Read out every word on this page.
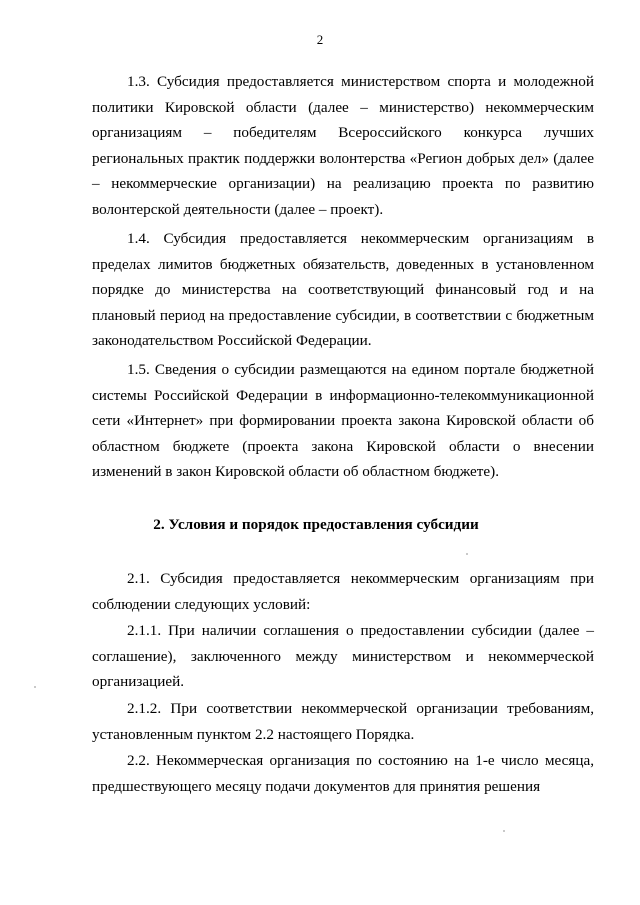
2

1.3. Субсидия предоставляется министерством спорта и молодежной политики Кировской области (далее – министерство) некоммерческим организациям – победителям Всероссийского конкурса лучших региональных практик поддержки волонтерства «Регион добрых дел» (далее – некоммерческие организации) на реализацию проекта по развитию волонтерской деятельности (далее – проект).

1.4. Субсидия предоставляется некоммерческим организациям в пределах лимитов бюджетных обязательств, доведенных в установленном порядке до министерства на соответствующий финансовый год и на плановый период на предоставление субсидии, в соответствии с бюджетным законодательством Российской Федерации.

1.5. Сведения о субсидии размещаются на едином портале бюджетной системы Российской Федерации в информационно-телекоммуникационной сети «Интернет» при формировании проекта закона Кировской области об областном бюджете (проекта закона Кировской области о внесении изменений в закон Кировской области об областном бюджете).

2. Условия и порядок предоставления субсидии

2.1. Субсидия предоставляется некоммерческим организациям при соблюдении следующих условий:

2.1.1. При наличии соглашения о предоставлении субсидии (далее – соглашение), заключенного между министерством и некоммерческой организацией.

2.1.2. При соответствии некоммерческой организации требованиям, установленным пунктом 2.2 настоящего Порядка.

2.2. Некоммерческая организация по состоянию на 1-е число месяца, предшествующего месяцу подачи документов для принятия решения
